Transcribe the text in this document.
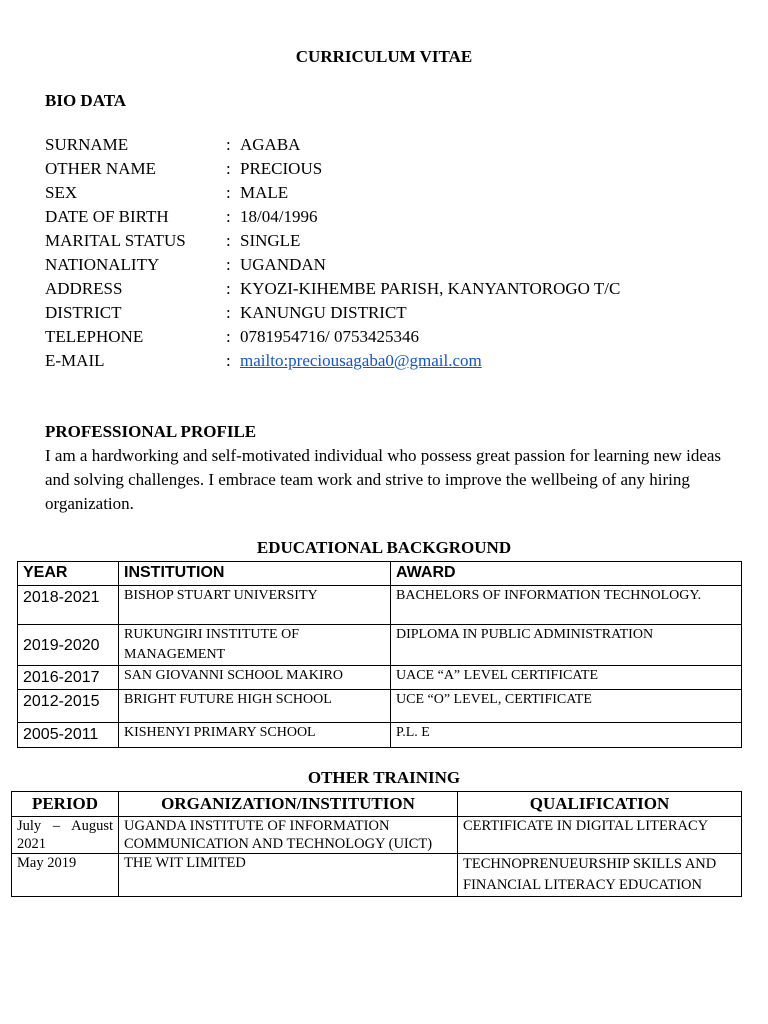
CURRICULUM VITAE
BIO DATA
SURNAME	: AGABA
OTHER NAME	: PRECIOUS
SEX	: MALE
DATE OF BIRTH	: 18/04/1996
MARITAL STATUS : SINGLE
NATIONALITY	: UGANDAN
ADDRESS	: KYOZI-KIHEMBE PARISH, KANYANTOROGO T/C
DISTRICT	: KANUNGU DISTRICT
TELEPHONE	: 0781954716/ 0753425346
E-MAIL	: mailto:preciousagaba0@gmail.com
PROFESSIONAL PROFILE
I am a hardworking and self-motivated individual who possess great passion for learning new ideas and solving challenges. I embrace team work and strive to improve the wellbeing of any hiring organization.
EDUCATIONAL BACKGROUND
YEAR	INSTITUTION	AWARD
2018-2021	BISHOP STUART UNIVERSITY	BACHELORS OF INFORMATION TECHNOLOGY.
2019-2020	RUKUNGIRI INSTITUTE OF MANAGEMENT	DIPLOMA IN PUBLIC ADMINISTRATION
2016-2017	SAN GIOVANNI SCHOOL MAKIRO	UACE “A” LEVEL CERTIFICATE
2012-2015	BRIGHT FUTURE HIGH SCHOOL	UCE “O” LEVEL, CERTIFICATE
2005-2011	KISHENYI PRIMARY SCHOOL	P.L. E
OTHER TRAINING
PERIOD	ORGANIZATION/INSTITUTION	QUALIFICATION
July – August 2021	UGANDA INSTITUTE OF INFORMATION COMMUNICATION AND TECHNOLOGY (UICT)	CERTIFICATE IN DIGITAL LITERACY
May 2019	THE WIT LIMITED	TECHNOPRENUEURSHIP SKILLS AND FINANCIAL LITERACY EDUCATION
